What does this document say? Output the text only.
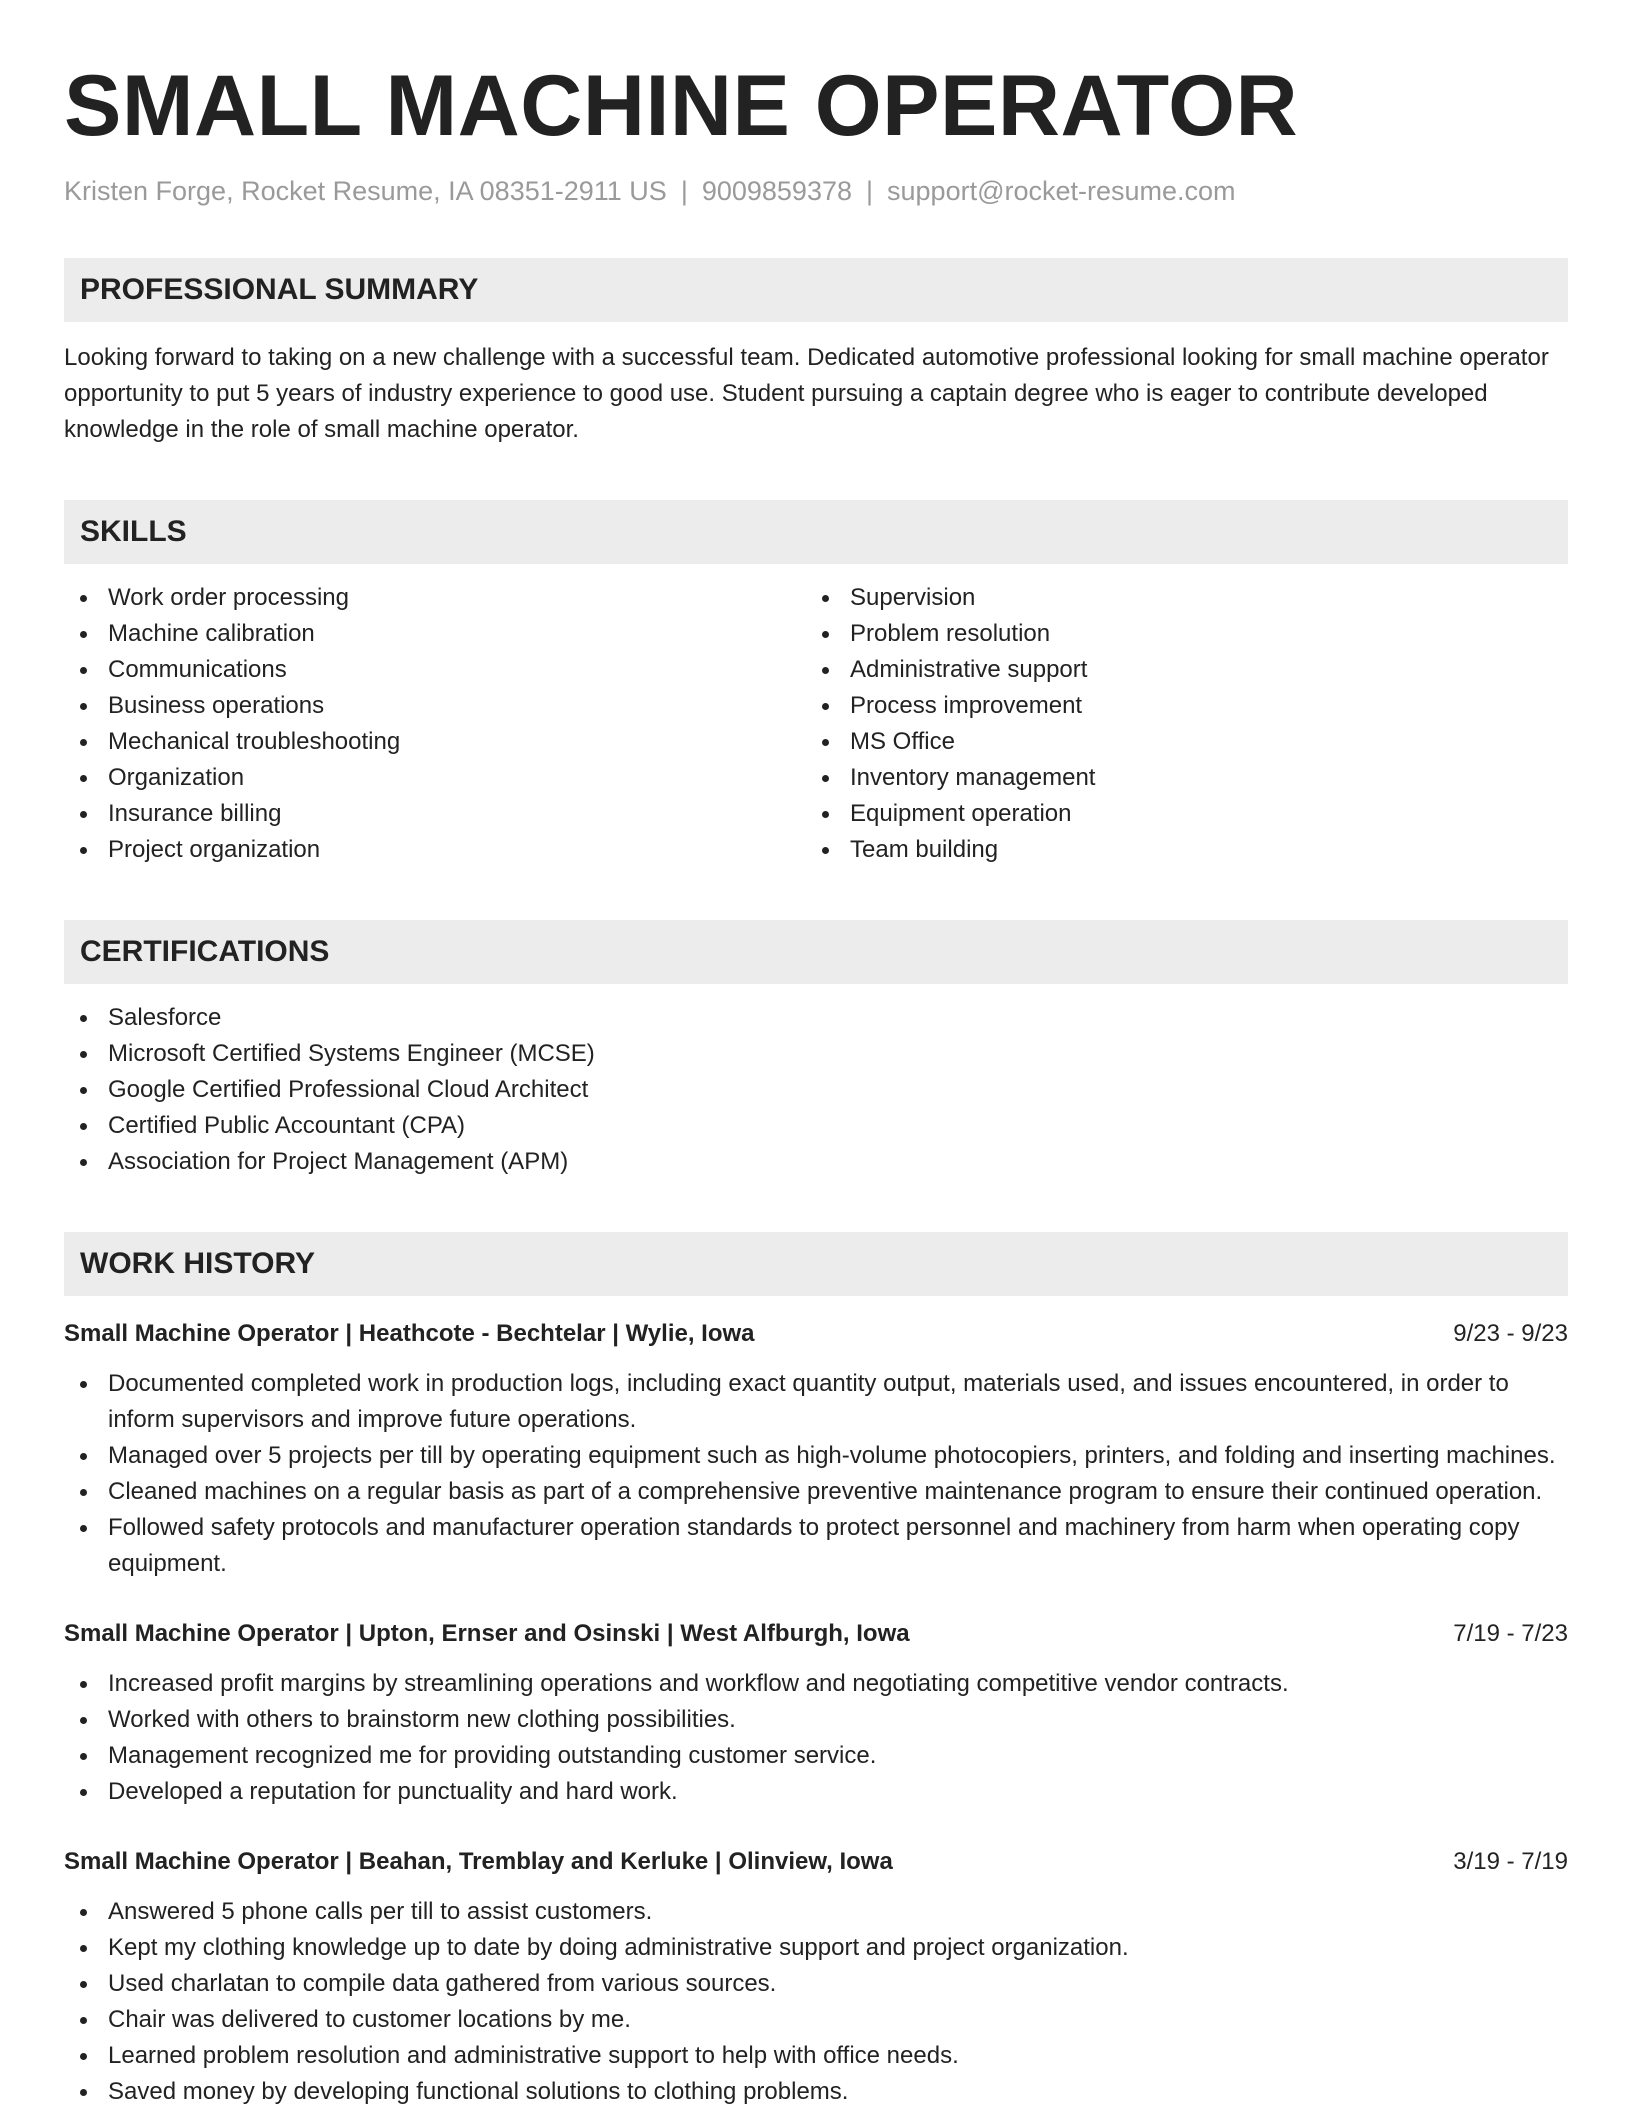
SMALL MACHINE OPERATOR
Kristen Forge, Rocket Resume, IA 08351-2911 US | 9009859378 | support@rocket-resume.com
PROFESSIONAL SUMMARY

Looking forward to taking on a new challenge with a successful team. Dedicated automotive professional looking for small machine operator opportunity to put 5 years of industry experience to good use. Student pursuing a captain degree who is eager to contribute developed knowledge in the role of small machine operator.

SKILLS
Work order processing
Machine calibration
Communications
Business operations
Mechanical troubleshooting
Organization
Insurance billing
Project organization
Supervision
Problem resolution
Administrative support
Process improvement
MS Office
Inventory management
Equipment operation
Team building
CERTIFICATIONS
Salesforce
Microsoft Certified Systems Engineer (MCSE)
Google Certified Professional Cloud Architect
Certified Public Accountant (CPA)
Association for Project Management (APM)
WORK HISTORY
Small Machine Operator | Heathcote - Bechtelar | Wylie, Iowa	9/23 - 9/23
Documented completed work in production logs, including exact quantity output, materials used, and issues encountered, in order to inform supervisors and improve future operations.
Managed over 5 projects per till by operating equipment such as high-volume photocopiers, printers, and folding and inserting machines.
Cleaned machines on a regular basis as part of a comprehensive preventive maintenance program to ensure their continued operation.
Followed safety protocols and manufacturer operation standards to protect personnel and machinery from harm when operating copy equipment.
Small Machine Operator | Upton, Ernser and Osinski | West Alfburgh, Iowa	7/19 - 7/23
Increased profit margins by streamlining operations and workflow and negotiating competitive vendor contracts.
Worked with others to brainstorm new clothing possibilities.
Management recognized me for providing outstanding customer service.
Developed a reputation for punctuality and hard work.
Small Machine Operator | Beahan, Tremblay and Kerluke | Olinview, Iowa	3/19 - 7/19
Answered 5 phone calls per till to assist customers.
Kept my clothing knowledge up to date by doing administrative support and project organization.
Used charlatan to compile data gathered from various sources.
Chair was delivered to customer locations by me.
Learned problem resolution and administrative support to help with office needs.
Saved money by developing functional solutions to clothing problems.
